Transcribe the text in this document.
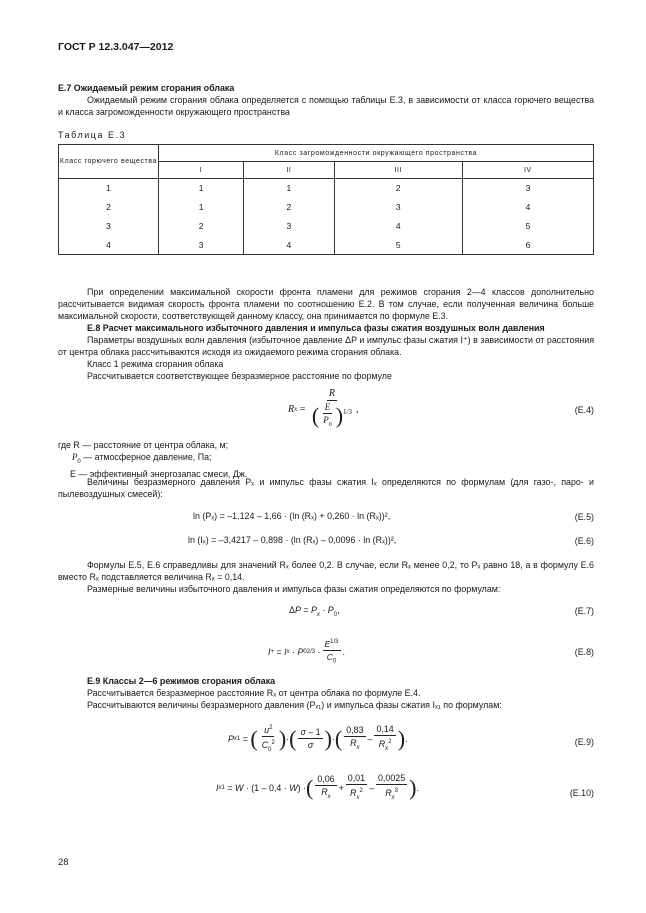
ГОСТ Р 12.3.047—2012
Е.7 Ожидаемый режим сгорания облака
Ожидаемый режим сгорания облака определяется с помощью таблицы Е.3, в зависимости от класса горючего вещества и класса загроможденности окружающего пространства
Таблица Е.3
Класс горючего вещества	Класс загроможденности окружающего пространства			
	I	II	III	IV
1	1	1	2	3
2	1	2	3	4
3	2	3	4	5
4	3	4	5	6
При определении максимальной скорости фронта пламени для режимов сгорания 2—4 классов дополнительно рассчитывается видимая скорость фронта пламени по соотношению Е.2. В том случае, если полученная величина больше максимальной скорости, соответствующей данному классу, она принимается по формуле Е.3.
Е.8 Расчет максимального избыточного давления и импульса фазы сжатия воздушных волн давления
Параметры воздушных волн давления (избыточное давление ΔP и импульс фазы сжатия I⁺) в зависимости от расстояния от центра облака рассчитываются исходя из ожидаемого режима сгорания облака.
Класс 1 режима сгорания облака
Рассчитывается соответствующее безразмерное расстояние по формуле
R $x = \frac{R}{( \frac{E}{P_0} )^{1/3}}$ ,	(Е.4)
где R — расстояние от центра облака, м;
$P_0$ — атмосферное давление, Па;
E — эффективный энергозапас смеси, Дж.
Величины безразмерного давления Pₓ и импульс фазы сжатия Iₓ определяются по формулам (для газо-, паро- и пылевоздушных смесей):
ln (Pₓ) = –1,124 – 1,66 · (ln (Rₓ) + 0,260 · ln (Rₓ))²,	(Е.5)
ln (Iₓ) = –3,4217 – 0,898 · (ln (Rₓ) – 0,0096 · ln (Rₓ))²,	(Е.6)
Формулы Е.5, Е.6 справедливы для значений Rₓ более 0,2. В случае, если Rₓ менее 0,2, то Pₓ равно 18, а в формулу Е.6 вместо Rₓ подставляется величина Rₓ = 0,14.
Размерные величины избыточного давления и импульса фазы сжатия определяются по формулам:
$\Delta P = P_x \cdot P_0$,	(Е.7)
I + = I x · P 0 $2/3 \cdot \frac{E^{1/3}}{C_0}$ .	(Е.8)
Е.9 Классы 2—6 режимов сгорания облака
Рассчитывается безразмерное расстояние Rₓ от центра облака по формуле Е.4.
Рассчитываются величины безразмерного давления (Pₓ₁) и импульса фазы сжатия Iₓ₁ по формулам:
P x1 = ( $\frac{u^2}{C_0^2}$ ) · ( $\frac{\sigma - 1}{\sigma}$ ) · ( $\frac{0,83}{R_x} - \frac{0,14}{R_x^2}$ ) .	(Е.9)
I x1 = W · (1 – 0,4 · W ) · ( $\frac{0,06}{R_x} + \frac{0,01}{R_x^2} - \frac{0,0025}{R_x^3}$ ) .
(Е.10)
28
